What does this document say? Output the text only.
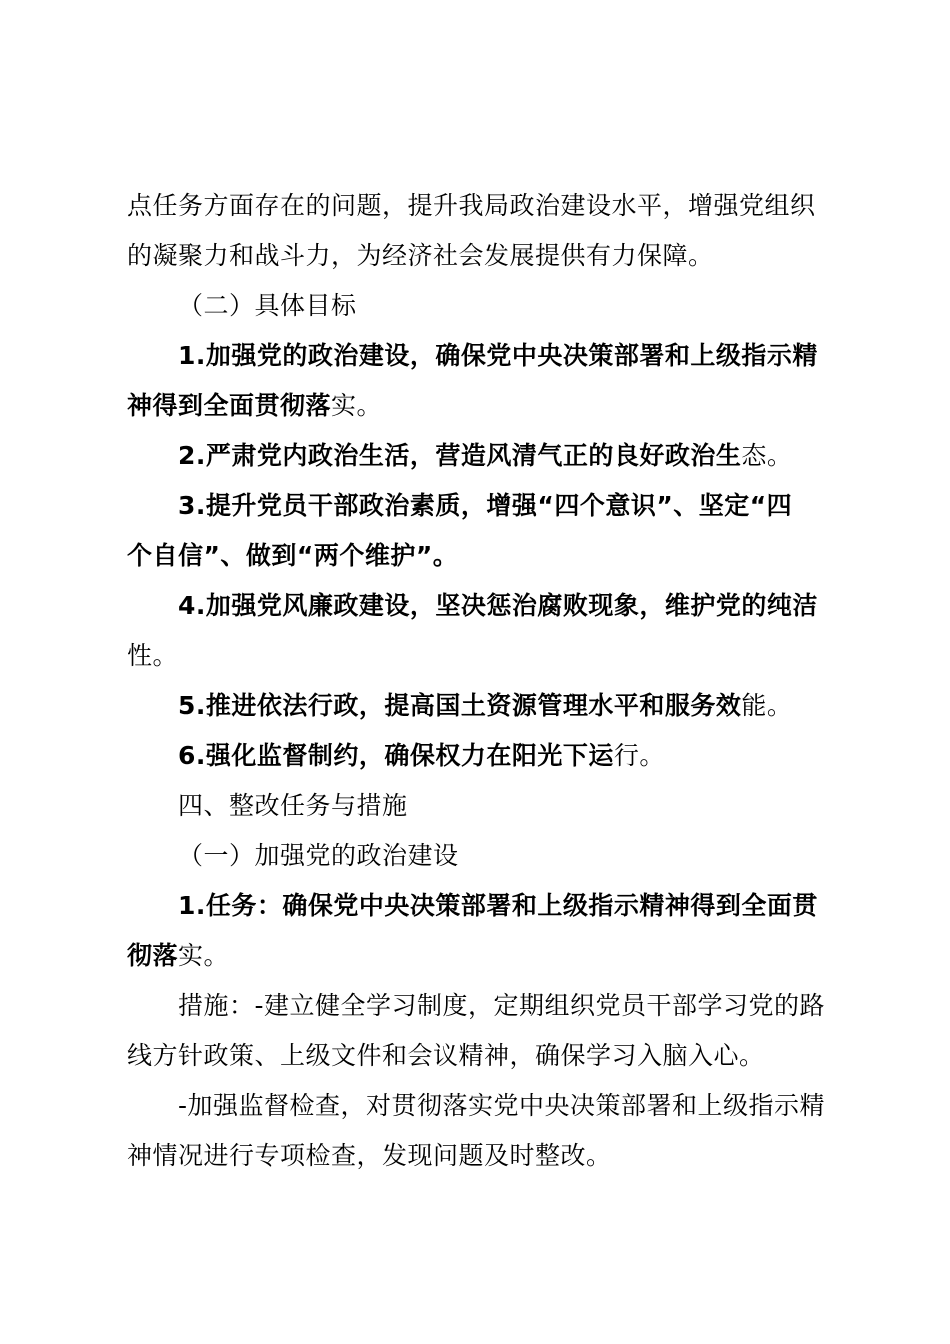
点任务方面存在的问题，提升我局政治建设水平，增强党组织
的凝聚力和战斗力，为经济社会发展提供有力保障。
（二）具体目标
1.加强党的政治建设，确保党中央决策部署和上级指示精
神得到全面贯彻落实。
2.严肃党内政治生活，营造风清气正的良好政治生态。
3.提升党员干部政治素质，增强“四个意识”、坚定“四
个自信”、做到“两个维护”。
4.加强党风廉政建设，坚决惩治腐败现象，维护党的纯洁
性。
5.推进依法行政，提高国土资源管理水平和服务效能。
6.强化监督制约，确保权力在阳光下运行。
四、整改任务与措施
（一）加强党的政治建设
1.任务：确保党中央决策部署和上级指示精神得到全面贯
彻落实。
措施：-建立健全学习制度，定期组织党员干部学习党的路
线方针政策、上级文件和会议精神，确保学习入脑入心。
-加强监督检查，对贯彻落实党中央决策部署和上级指示精
神情况进行专项检查，发现问题及时整改。
